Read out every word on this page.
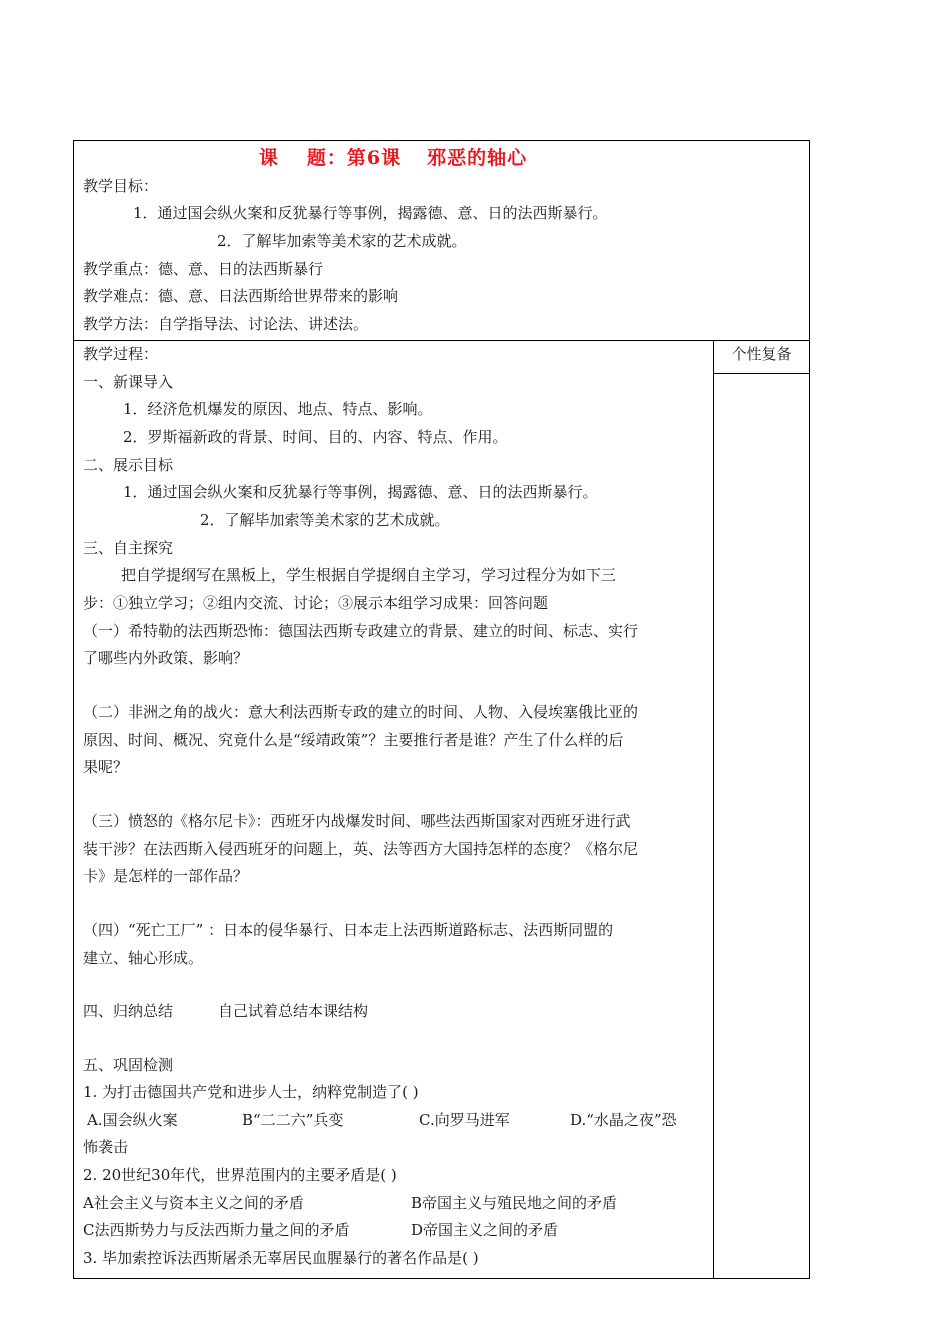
课 题：第6课 邪恶的轴心
教学目标：
1．通过国会纵火案和反犹暴行等事例，揭露德、意、日的法西斯暴行。
2．了解毕加索等美术家的艺术成就。
教学重点：德、意、日的法西斯暴行
教学难点：德、意、日法西斯给世界带来的影响
教学方法：自学指导法、讨论法、讲述法。
个性复备
教学过程：
一、新课导入
1．经济危机爆发的原因、地点、特点、影响。
2．罗斯福新政的背景、时间、目的、内容、特点、作用。
二、展示目标
1．通过国会纵火案和反犹暴行等事例，揭露德、意、日的法西斯暴行。
2．了解毕加索等美术家的艺术成就。
三、自主探究
把自学提纲写在黑板上，学生根据自学提纲自主学习，学习过程分为如下三
步：①独立学习；②组内交流、讨论；③展示本组学习成果：回答问题
（一）希特勒的法西斯恐怖：德国法西斯专政建立的背景、建立的时间、标志、实行
了哪些内外政策、影响？
（二）非洲之角的战火：意大利法西斯专政的建立的时间、人物、入侵埃塞俄比亚的
原因、时间、概况、究竟什么是“绥靖政策”？主要推行者是谁？产生了什么样的后
果呢？
（三）愤怒的《格尔尼卡》：西班牙内战爆发时间、哪些法西斯国家对西班牙进行武
装干涉？在法西斯入侵西班牙的问题上，英、法等西方大国持怎样的态度？《格尔尼
卡》是怎样的一部作品？
（四）“死亡工厂” ：日本的侵华暴行、日本走上法西斯道路标志、法西斯同盟的
建立、轴心形成。
四、归纳总结	自己试着总结本课结构
五、巩固检测
1. 为打击德国共产党和进步人士，纳粹党制造了( )
A.国会纵火案	B“二二六”兵变	C.向罗马进军	D.“水晶之夜”恐
怖袭击
2. 20世纪30年代，世界范围内的主要矛盾是( )
A社会主义与资本主义之间的矛盾	B帝国主义与殖民地之间的矛盾
C法西斯势力与反法西斯力量之间的矛盾	D帝国主义之间的矛盾
3. 毕加索控诉法西斯屠杀无辜居民血腥暴行的著名作品是( )
